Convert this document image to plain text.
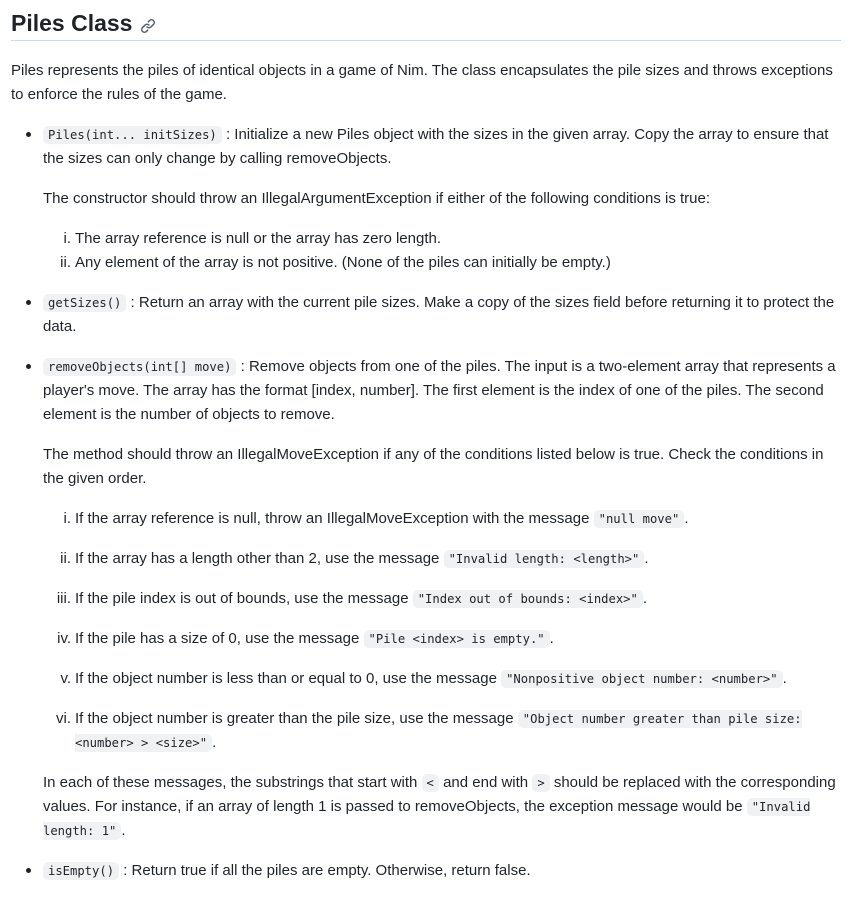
Piles Class

Piles represents the piles of identical objects in a game of Nim. The class encapsulates the pile sizes and throws exceptions to enforce the rules of the game.

Piles(int... initSizes) : Initialize a new Piles object with the sizes in the given array. Copy the array to ensure that the sizes can only change by calling removeObjects.

The constructor should throw an IllegalArgumentException if either of the following conditions is true:

i. The array reference is null or the array has zero length.
ii. Any element of the array is not positive. (None of the piles can initially be empty.)

getSizes() : Return an array with the current pile sizes. Make a copy of the sizes field before returning it to protect the data.

removeObjects(int[] move) : Remove objects from one of the piles. The input is a two-element array that represents a player's move. The array has the format [index, number]. The first element is the index of one of the piles. The second element is the number of objects to remove.

The method should throw an IllegalMoveException if any of the conditions listed below is true. Check the conditions in the given order.

i. If the array reference is null, throw an IllegalMoveException with the message "null move" .
ii. If the array has a length other than 2, use the message "Invalid length: <length>" .
iii. If the pile index is out of bounds, use the message "Index out of bounds: <index>" .
iv. If the pile has a size of 0, use the message "Pile <index> is empty." .
v. If the object number is less than or equal to 0, use the message "Nonpositive object number: <number>" .
vi. If the object number is greater than the pile size, use the message "Object number greater than pile size: <number> > <size>" .

In each of these messages, the substrings that start with < and end with > should be replaced with the corresponding values. For instance, if an array of length 1 is passed to removeObjects, the exception message would be "Invalid length: 1" .

isEmpty() : Return true if all the piles are empty. Otherwise, return false.
